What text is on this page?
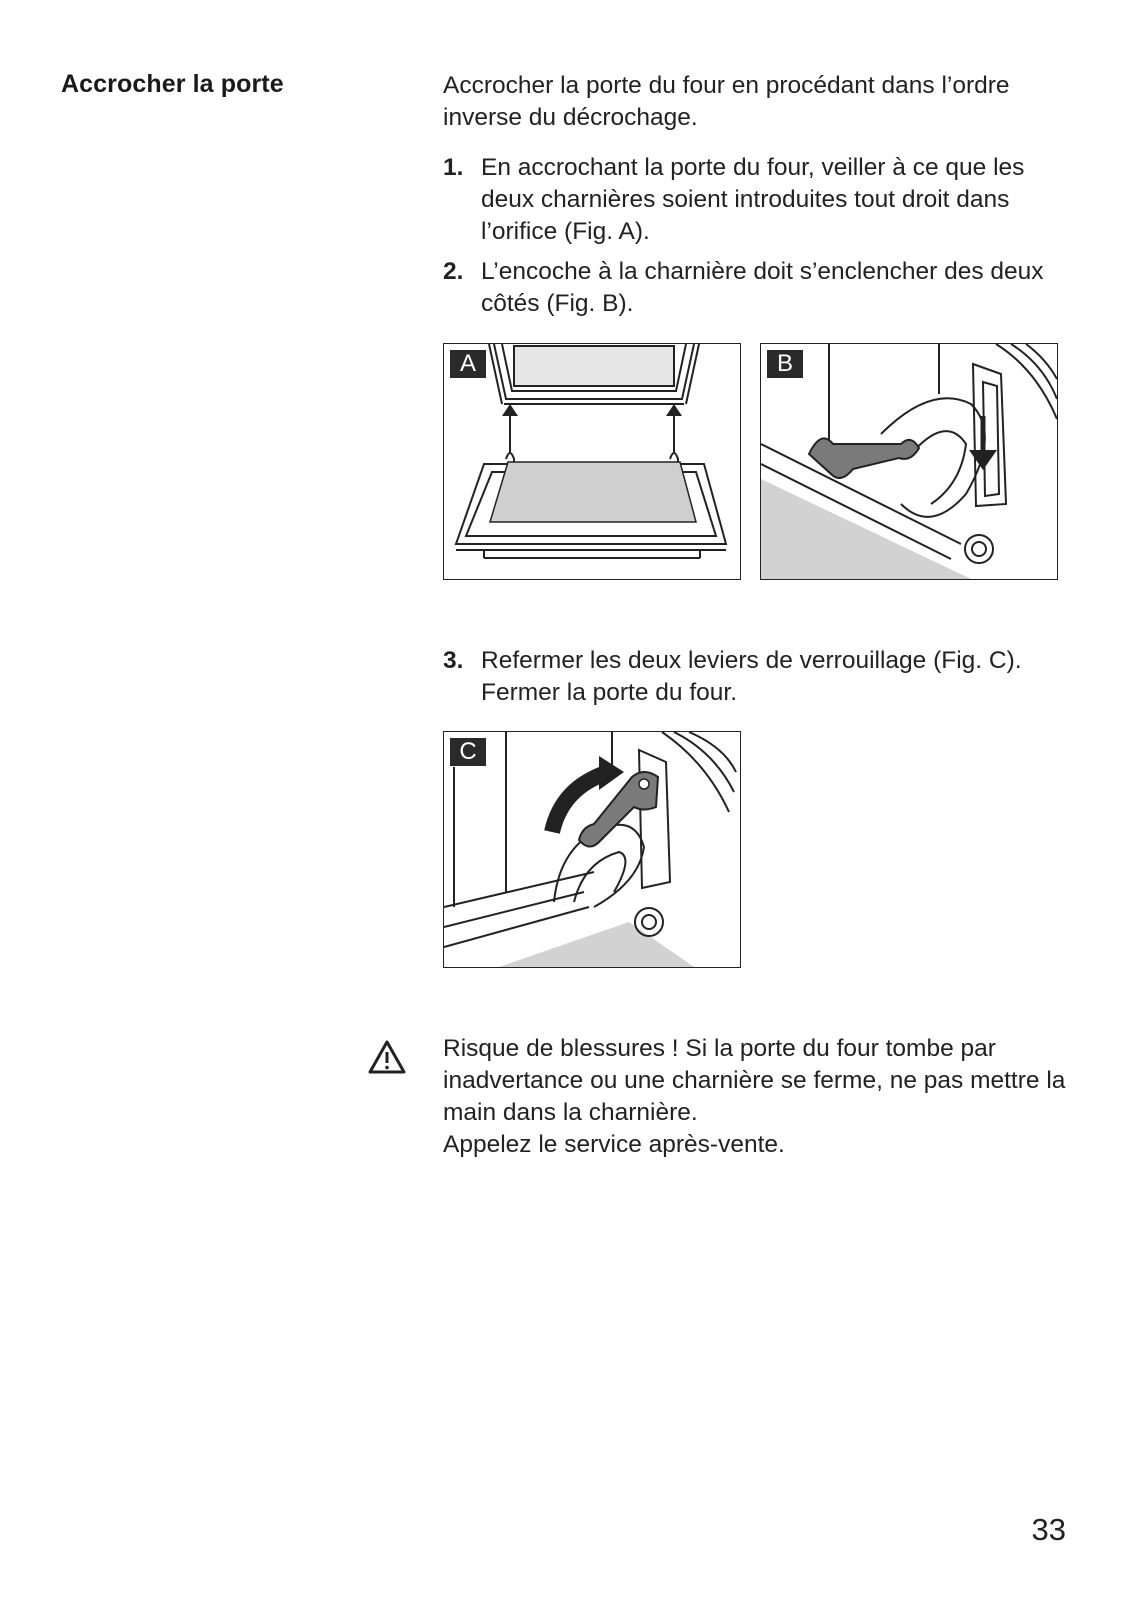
Accrocher la porte	Accrocher la porte du four en procédant dans l’ordre inverse du décrochage.
1. En accrochant la porte du four, veiller à ce que les deux charnières soient introduites tout droit dans l’orifice (Fig. A).
2. L’encoche à la charnière doit s’enclencher des deux côtés (Fig. B).
A	B
3. Refermer les deux leviers de verrouillage (Fig. C). Fermer la porte du four.
C
Risque de blessures ! Si la porte du four tombe par inadvertance ou une charnière se ferme, ne pas mettre la main dans la charnière.
Appelez le service après-vente.
33
